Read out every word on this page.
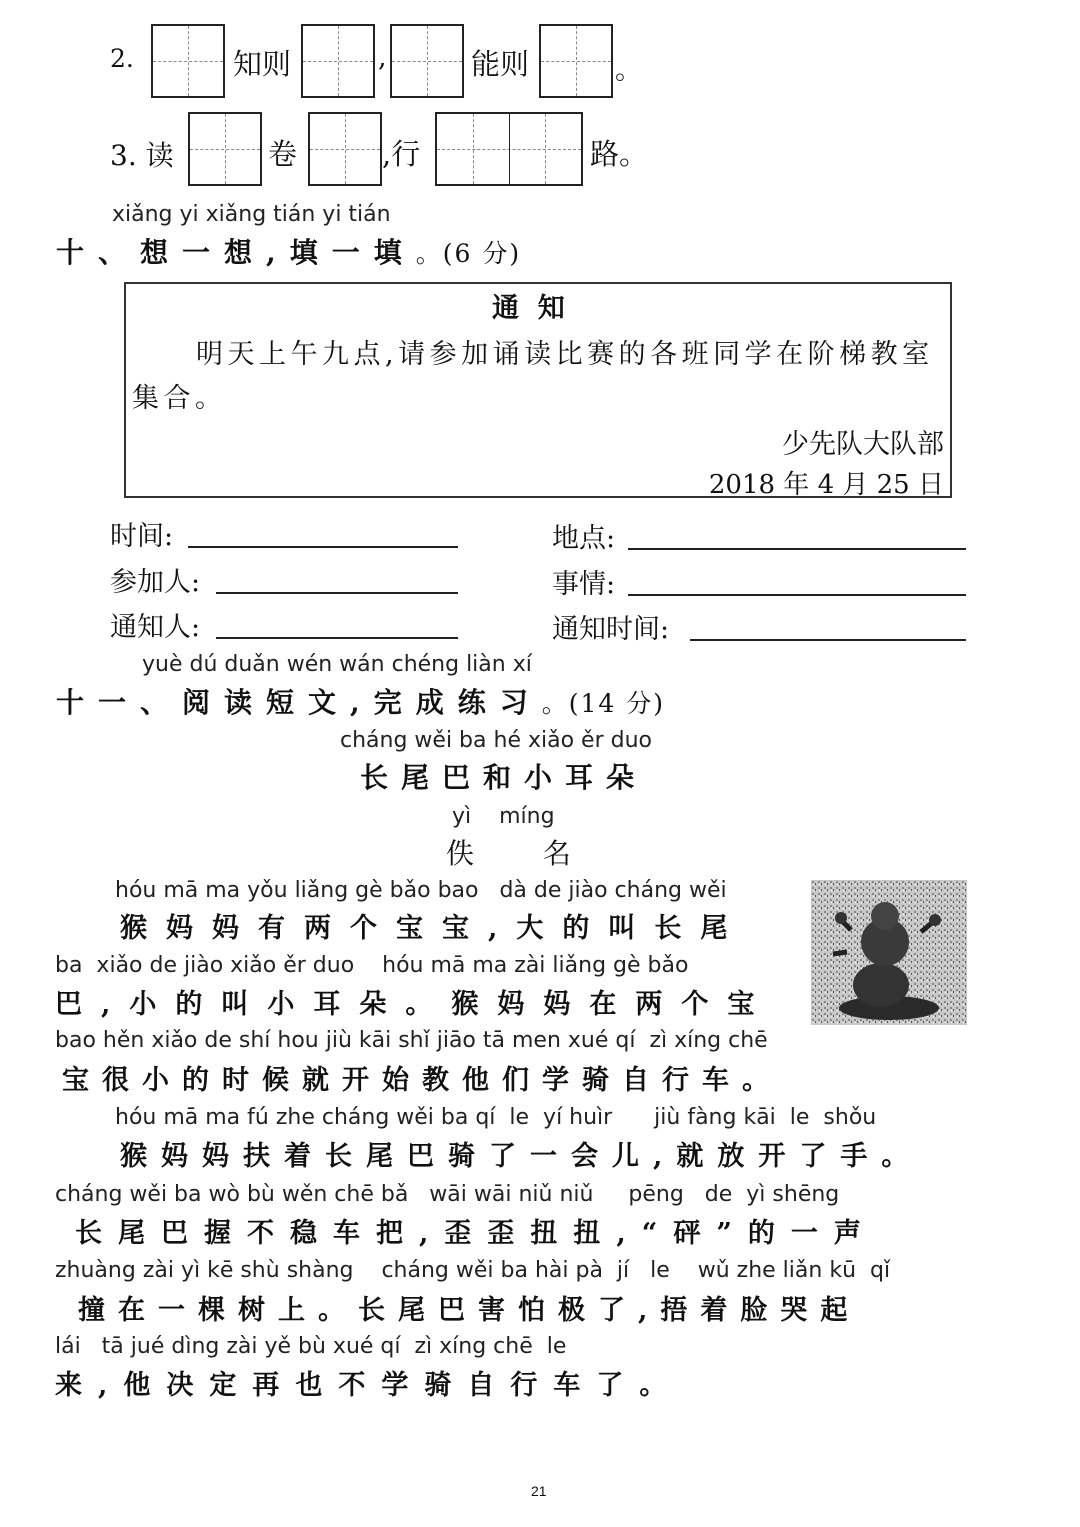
2.	知则	,	能则	。
3. 读	卷	,行	路。
xiǎng yi xiǎng tián yi tián
十、想一想,填一填。(6 分)
通  知
明天上午九点,请参加诵读比赛的各班同学在阶梯教室
集合。
少先队大队部
2018 年 4 月 25 日
时间:	地点:
参加人:	事情:
通知人:	通知时间:
yuè dú duǎn wén wán chéng liàn xí
十一、阅读短文,完成练习。(14 分)
cháng wěi ba hé xiǎo ěr duo
长尾巴和小耳朵
yì    míng
佚 名
hóu mā ma yǒu liǎng gè bǎo bao   dà de jiào cháng wěi
猴妈妈有两个宝宝,大的叫长尾
ba  xiǎo de jiào xiǎo ěr duo    hóu mā ma zài liǎng gè bǎo
巴,小的叫小耳朵。猴妈妈在两个宝
bao hěn xiǎo de shí hou jiù kāi shǐ jiāo tā men xué qí  zì xíng chē
宝很小的时候就开始教他们学骑自行车。
hóu mā ma fú zhe cháng wěi ba qí  le  yí huìr      jiù fàng kāi  le  shǒu
猴妈妈扶着长尾巴骑了一会儿,就放开了手。
cháng wěi ba wò bù wěn chē bǎ   wāi wāi niǔ niǔ     pēng   de  yì shēng
长尾巴握不稳车把,歪歪扭扭,“砰”的一声
zhuàng zài yì kē shù shàng    cháng wěi ba hài pà  jí   le    wǔ zhe liǎn kū  qǐ
撞在一棵树上。长尾巴害怕极了,捂着脸哭起
lái   tā jué dìng zài yě bù xué qí  zì xíng chē  le
来,他决定再也不学骑自行车了。
21
